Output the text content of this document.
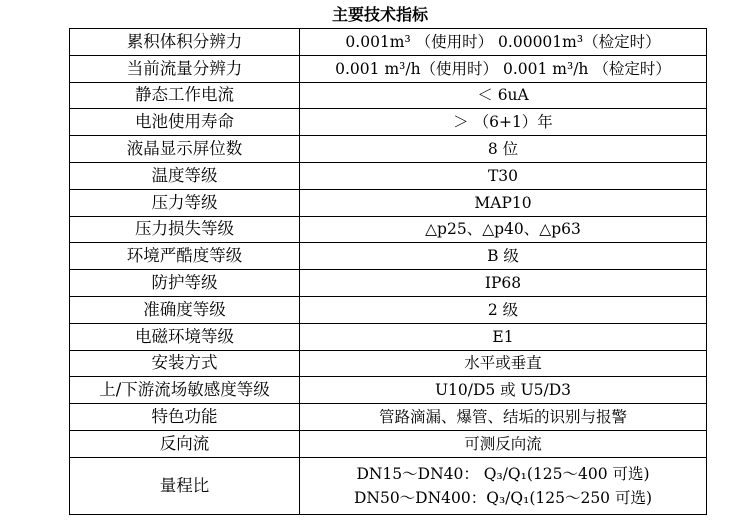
主要技术指标
累积体积分辨力	0.001m³ （使用时） 0.00001m³（检定时）
当前流量分辨力	0.001 m³/h（使用时） 0.001 m³/h （检定时）
静态工作电流	＜ 6uA
电池使用寿命	＞ （6+1）年
液晶显示屏位数	8 位
温度等级	T30
压力等级	MAP10
压力损失等级	△p25、△p40、△p63
环境严酷度等级	B 级
防护等级	IP68
准确度等级	2 级
电磁环境等级	E1
安装方式	水平或垂直
上/下游流场敏感度等级	U10/D5 或 U5/D3
特色功能	管路滴漏、爆管、结垢的识别与报警
反向流	可测反向流
量程比	DN15～DN40： Q₃/Q₁(125～400 可选)
DN50～DN400：Q₃/Q₁(125～250 可选)
